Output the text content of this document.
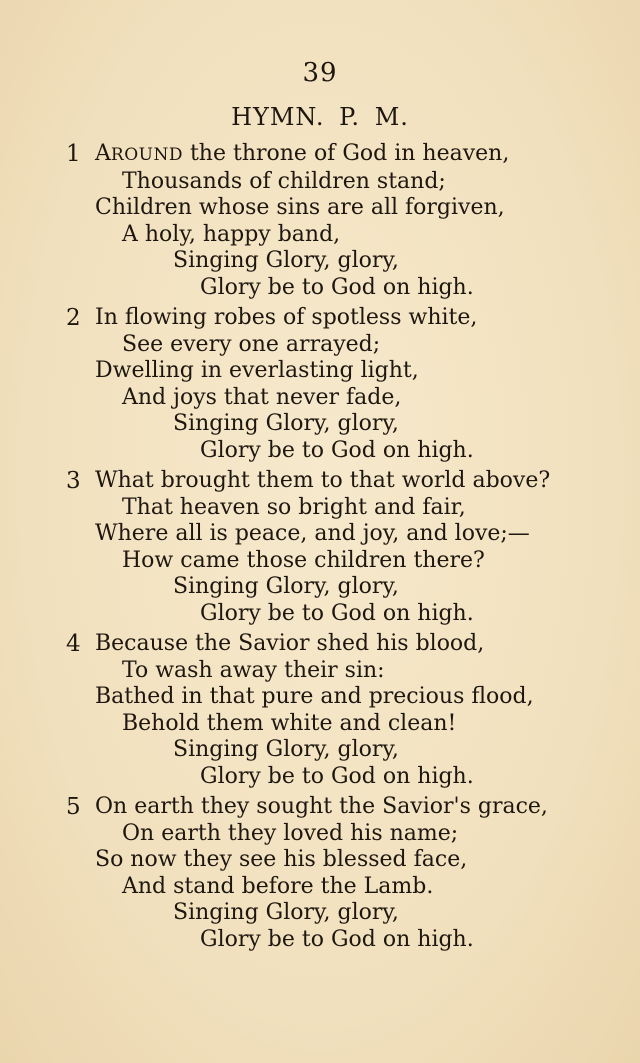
39
HYMN. P. M.
1 AROUND the throne of God in heaven,
Thousands of children stand;
Children whose sins are all forgiven,
A holy, happy band,
Singing Glory, glory,
Glory be to God on high.
2 In flowing robes of spotless white,
See every one arrayed;
Dwelling in everlasting light,
And joys that never fade,
Singing Glory, glory,
Glory be to God on high.
3 What brought them to that world above?
That heaven so bright and fair,
Where all is peace, and joy, and love;—
How came those children there?
Singing Glory, glory,
Glory be to God on high.
4 Because the Savior shed his blood,
To wash away their sin:
Bathed in that pure and precious flood,
Behold them white and clean!
Singing Glory, glory,
Glory be to God on high.
5 On earth they sought the Savior's grace,
On earth they loved his name;
So now they see his blessed face,
And stand before the Lamb.
Singing Glory, glory,
Glory be to God on high.
